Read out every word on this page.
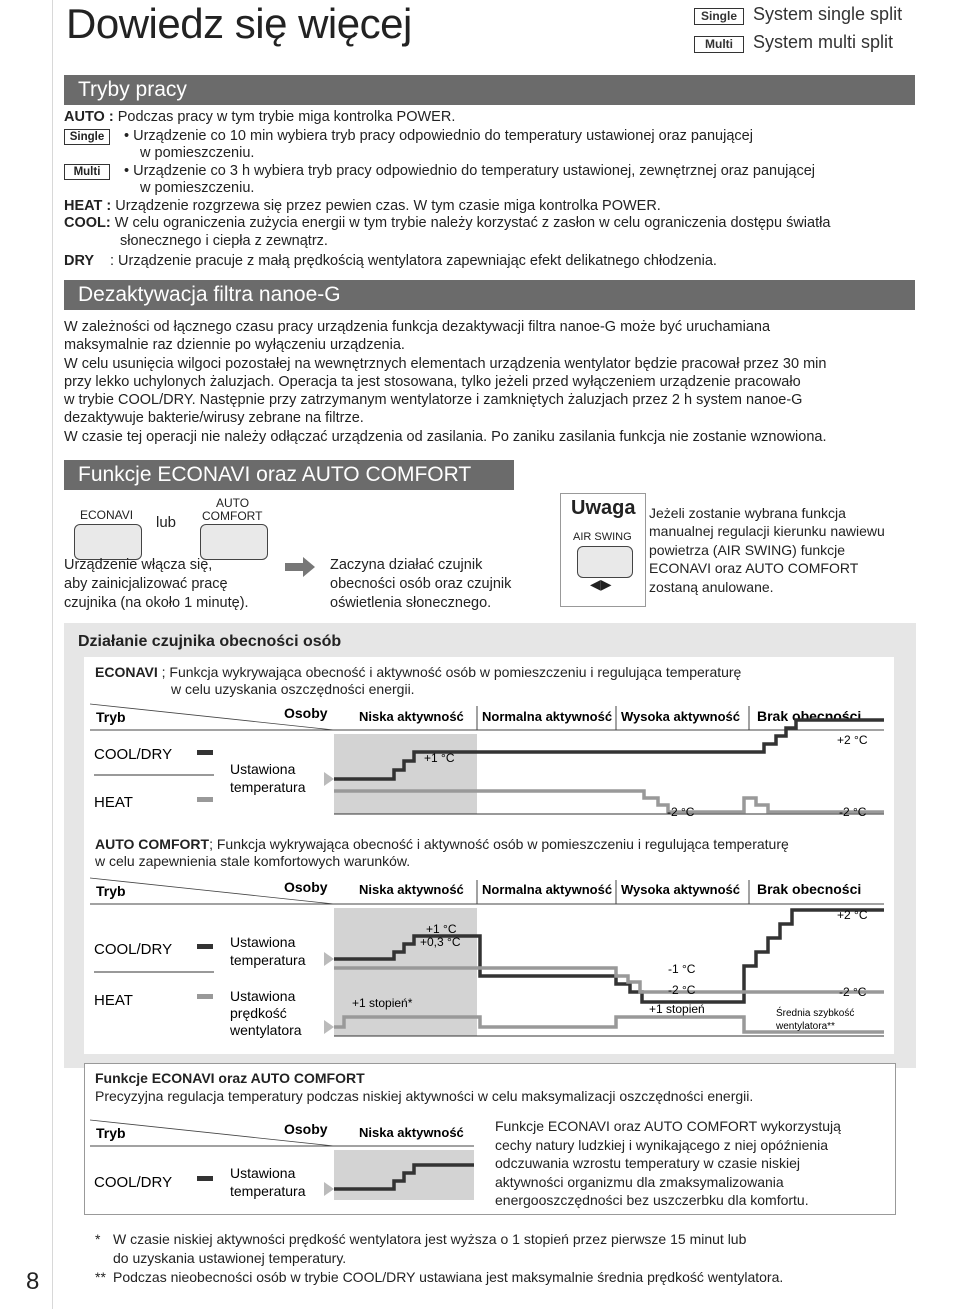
8
Dowiedz się więcej	Single System single split
Multi System multi split
Tryby pracy
AUTO : Podczas pracy w tym trybie miga kontrolka POWER.
Single • Urządzenie co 10 min wybiera tryb pracy odpowiednio do temperatury ustawionej oraz panującej
w pomieszczeniu.
Multi • Urządzenie co 3 h wybiera tryb pracy odpowiednio do temperatury ustawionej, zewnętrznej oraz panującej
w pomieszczeniu.
HEAT : Urządzenie rozgrzewa się przez pewien czas. W tym czasie miga kontrolka POWER.
COOL: W celu ograniczenia zużycia energii w tym trybie należy korzystać z zasłon w celu ograniczenia dostępu światła
słonecznego i ciepła z zewnątrz.
DRY : Urządzenie pracuje z małą prędkością wentylatora zapewniając efekt delikatnego chłodzenia.
Dezaktywacja filtra nanoe-G
W zależności od łącznego czasu pracy urządzenia funkcja dezaktywacji filtra nanoe-G może być uruchamiana
maksymalnie raz dziennie po wyłączeniu urządzenia.
W celu usunięcia wilgoci pozostałej na wewnętrznych elementach urządzenia wentylator będzie pracował przez 30 min
przy lekko uchylonych żaluzjach. Operacja ta jest stosowana, tylko jeżeli przed wyłączeniem urządzenie pracowało
w trybie COOL/DRY. Następnie przy zatrzymanym wentylatorze i zamkniętych żaluzjach przez 2 h system nanoe-G
dezaktywuje bakterie/wirusy zebrane na filtrze.
W czasie tej operacji nie należy odłączać urządzenia od zasilania. Po zaniku zasilania funkcja nie zostanie wznowiona.
Funkcje ECONAVI oraz AUTO COMFORT
ECONAVI lub
AUTO
COMFORT
Urządzenie włącza się,
aby zainicjalizować pracę
czujnika (na około 1 minutę).
Zaczyna działać czujnik
obecności osób oraz czujnik
oświetlenia słonecznego.
Uwaga
AIR SWING
◀▶
Jeżeli zostanie wybrana funkcja
manualnej regulacji kierunku nawiewu
powietrza (AIR SWING) funkcje
ECONAVI oraz AUTO COMFORT
zostaną anulowane.
Działanie czujnika obecności osób
ECONAVI ; Funkcja wykrywająca obecność i aktywność osób w pomieszczeniu i regulująca temperaturę
w celu uzyskania oszczędności energii.
Tryb	Osoby Niska aktywność Normalna aktywność Wysoka aktywność Brak obecności
COOL/DRY
HEAT
Ustawiona
temperatura
+1 °C
+2 °C
-2 °C	-2 °C
AUTO COMFORT; Funkcja wykrywająca obecność i aktywność osób w pomieszczeniu i regulująca temperaturę
w celu zapewnienia stale komfortowych warunków.
Tryb	Osoby Niska aktywność Normalna aktywność Wysoka aktywność Brak obecności
COOL/DRY
HEAT
Ustawiona
temperatura
Ustawiona
prędkość
wentylatora
+1 °C
+0,3 °C
+2 °C
-1 °C
-2 °C	-2 °C
+1 stopień*	+1 stopień	Średnia szybkość
wentylatora**
Funkcje ECONAVI oraz AUTO COMFORT
Precyzyjna regulacja temperatury podczas niskiej aktywności w celu maksymalizacji oszczędności energii.
Tryb	Osoby Niska aktywność
COOL/DRY
Ustawiona
temperatura
Funkcje ECONAVI oraz AUTO COMFORT wykorzystują
cechy natury ludzkiej i wynikającego z niej opóźnienia
odczuwania wzrostu temperatury w czasie niskiej
aktywności organizmu dla zmaksymalizowania
energooszczędności bez uszczerbku dla komfortu.
* W czasie niskiej aktywności prędkość wentylatora jest wyższa o 1 stopień przez pierwsze 15 minut lub
do uzyskania ustawionej temperatury.
** Podczas nieobecności osób w trybie COOL/DRY ustawiana jest maksymalnie średnia prędkość wentylatora.
